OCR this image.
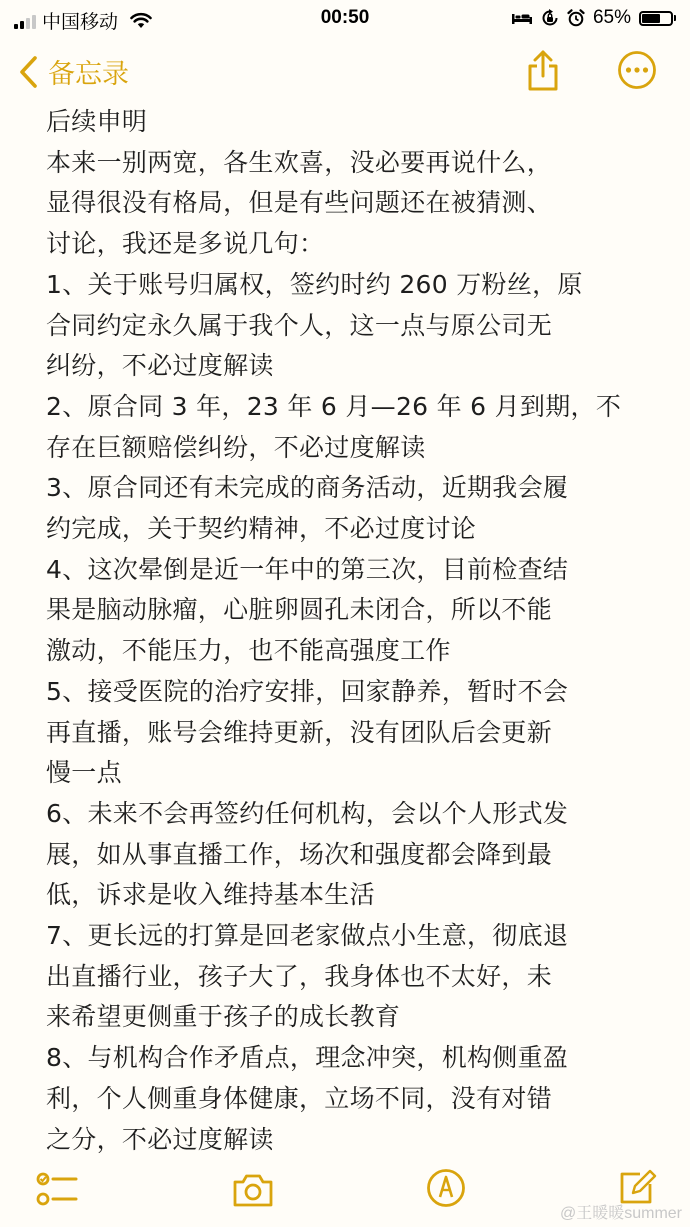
中国移动	00:50	65%
备忘录
后续申明
本来一别两宽，各生欢喜，没必要再说什么，
显得很没有格局，但是有些问题还在被猜测、
讨论，我还是多说几句：
1、关于账号归属权，签约时约 260 万粉丝，原
合同约定永久属于我个人，这一点与原公司无
纠纷，不必过度解读
2、原合同 3 年，23 年 6 月—26 年 6 月到期，不
存在巨额赔偿纠纷，不必过度解读
3、原合同还有未完成的商务活动，近期我会履
约完成，关于契约精神，不必过度讨论
4、这次晕倒是近一年中的第三次，目前检查结
果是脑动脉瘤，心脏卵圆孔未闭合，所以不能
激动，不能压力，也不能高强度工作
5、接受医院的治疗安排，回家静养，暂时不会
再直播，账号会维持更新，没有团队后会更新
慢一点
6、未来不会再签约任何机构，会以个人形式发
展，如从事直播工作，场次和强度都会降到最
低，诉求是收入维持基本生活
7、更长远的打算是回老家做点小生意，彻底退
出直播行业，孩子大了，我身体也不太好，未
来希望更侧重于孩子的成长教育
8、与机构合作矛盾点，理念冲突，机构侧重盈
利，个人侧重身体健康，立场不同，没有对错
之分，不必过度解读
@王暖暖summer
